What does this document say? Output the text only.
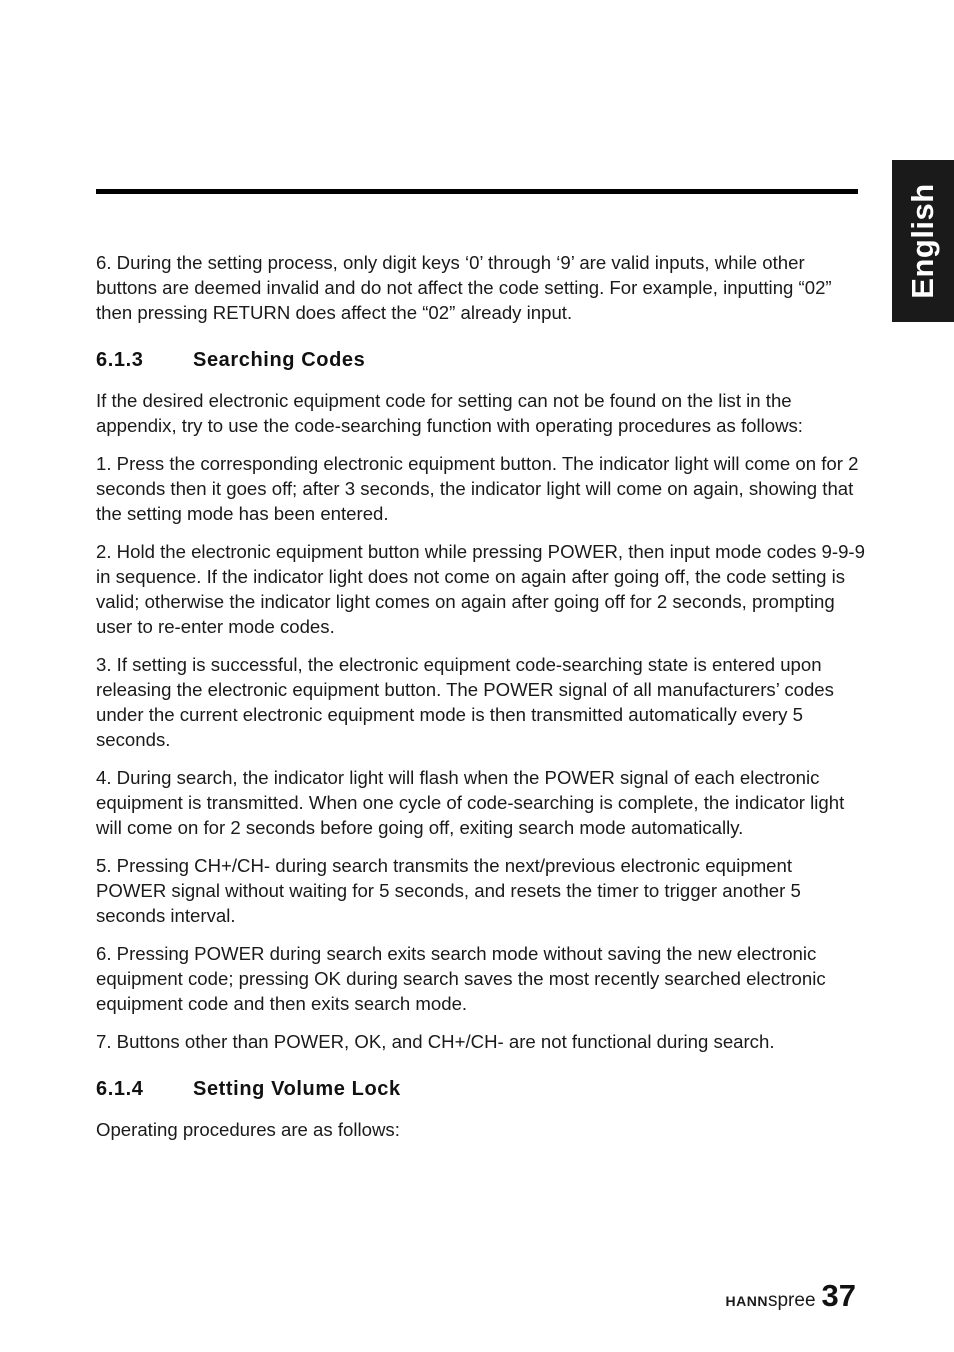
English

6. During the setting process, only digit keys ‘0’ through ‘9’ are valid inputs, while other buttons are deemed invalid and do not affect the code setting. For example, inputting “02” then pressing RETURN does affect the “02” already input.

6.1.3 Searching Codes

If the desired electronic equipment code for setting can not be found on the list in the appendix, try to use the code-searching function with operating procedures as follows:

1. Press the corresponding electronic equipment button. The indicator light will come on for 2 seconds then it goes off; after 3 seconds, the indicator light will come on again, showing that the setting mode has been entered.

2. Hold the electronic equipment button while pressing POWER, then input mode codes 9-9-9 in sequence. If the indicator light does not come on again after going off, the code setting is valid; otherwise the indicator light comes on again after going off for 2 seconds, prompting user to re-enter mode codes.

3. If setting is successful, the electronic equipment code-searching state is entered upon releasing the electronic equipment button. The POWER signal of all manufacturers’ codes under the current electronic equipment mode is then transmitted automatically every 5 seconds.

4. During search, the indicator light will flash when the POWER signal of each electronic equipment is transmitted. When one cycle of code-searching is complete, the indicator light will come on for 2 seconds before going off, exiting search mode automatically.

5. Pressing CH+/CH- during search transmits the next/previous electronic equipment POWER signal without waiting for 5 seconds, and resets the timer to trigger another 5 seconds interval.

6. Pressing POWER during search exits search mode without saving the new electronic equipment code; pressing OK during search saves the most recently searched electronic equipment code and then exits search mode.

7. Buttons other than POWER, OK, and CH+/CH- are not functional during search.

6.1.4 Setting Volume Lock

Operating procedures are as follows:

HANNspree 37
